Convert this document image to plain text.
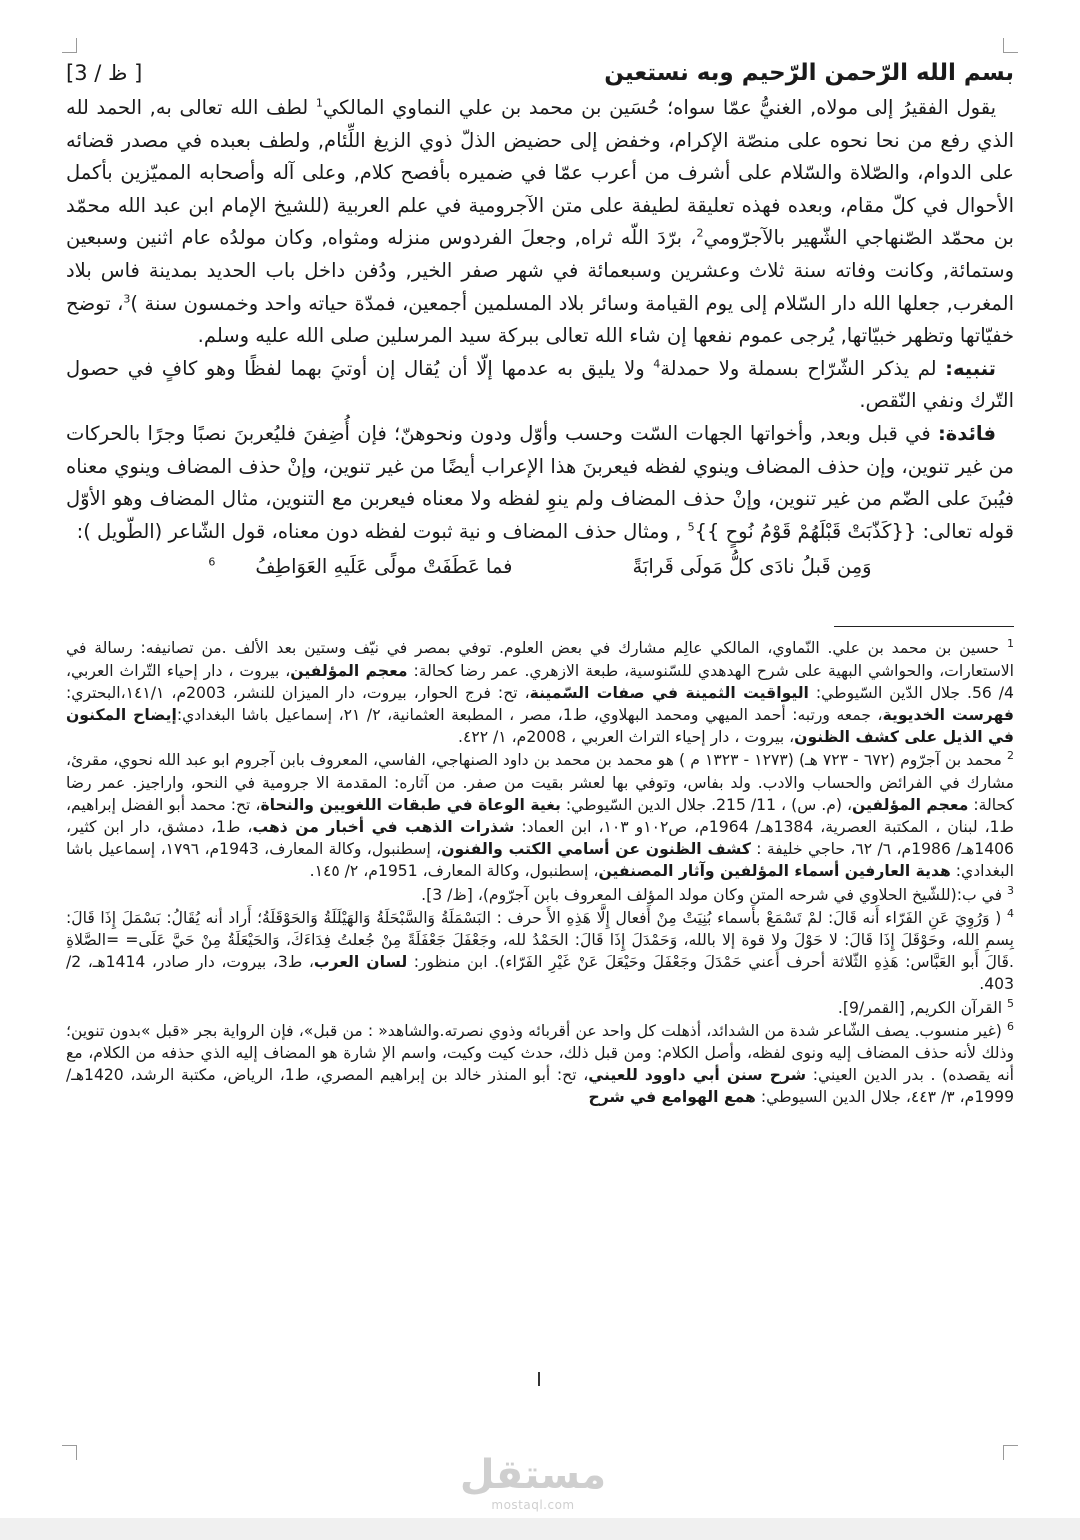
بسم الله الرّحمن الرّحيم وبه نستعين
[ظ / 3 ]

يقول الفقيرُ إلى مولاه, الغنيُّ عمّا سواه؛ حُسَين بن محمد بن علي النماوي المالكي$^1$ لطف الله تعالى به, الحمد لله الذي رفع من نحا نحوه على منصّة الإكرام، وخفض إلى حضيض الذلّ ذوي الزيغ اللِّئام, ولطف بعبده في مصدر قضائه على الدوام، والصّلاة والسّلام على أشرف من أعرب عمّا في ضميره بأفصح كلام, وعلى آله وأصحابه المميّزين بأكمل الأحوال في كلّ مقام، وبعده فهذه تعليقة لطيفة على متن الآجرومية في علم العربية (للشيخ الإمام ابن عبد الله محمّد بن محمّد الصّنهاجي الشّهير بالآجرّومي$^2$، برّدَ اللّه ثراه, وجعلَ الفردوس منزله ومثواه, وكان مولدُه عام اثنين وسبعين وستمائة, وكانت وفاته سنة ثلاث وعشرين وسبعمائة في شهر صفر الخير, ودُفن داخل باب الحديد بمدينة فاس بلاد المغرب, جعلها الله دار السّلام إلى يوم القيامة وسائر بلاد المسلمين أجمعين، فمدّة حياته واحد وخمسون سنة )$^3$، توضح خفيّاتها وتظهر خبيّاتها, يُرجى عموم نفعها إن شاء الله تعالى ببركة سيد المرسلين صلى الله عليه وسلم.

تنبيه: لم يذكر الشّرّاح بسملة ولا حمدلة$^4$ ولا يليق به عدمها إلّا أن يُقال إن أوتيَ بهما لفظًا وهو كافٍ في حصول التّرك ونفي النّقص.

فائدة: في قبل وبعد, وأخواتها الجهات السّت وحسب وأوّل ودون ونحوهنّ؛ فإن أُضِفنَ فليُعربنَ نصبًا وجرًا بالحركات من غير تنوين، وإن حذف المضاف وينوي لفظه فيعربنَ هذا الإعراب أيضًا من غير تنوين، وإنْ حذف المضاف وينوي معناه فيُبنَ على الضّم من غير تنوين، وإنْ حذف المضاف ولم ينوِ لفظه ولا معناه فيعربن مع التنوين، مثال المضاف وهو الأوّل قوله تعالى: {{كَذّبَتْ قَبْلَهُمْ قَوْمُ نُوحٍ }}$^5$ , ومثال حذف المضاف و نية ثبوت لفظه دون معناه، قول الشّاعر (الطّويل ):

وَمِن قَبلُ نادَى كلُّ مَولَى قَرابَةًفما عَطَفَتْ مولًى عَلَيهِ العَوَاطِفُ$^6$

$^1$ حسين بن محمد بن علي. النّماوي، المالكي عالِم مشارك في بعض العلوم. توفي بمصر في نيّف وستين بعد الألف .من تصانيفه: رسالة في الاستعارات، والحواشي البهية على شرح الهدهدي للسّنوسية، طبعة الازهري. عمر رضا كحالة: معجم المؤلفين، بيروت ، دار إحياء التّراث العربي، 4/ 56. جلال الدّين السّيوطي: اليواقيت الثمينة في صفات السّمينة، تح: فرج الحوار، بيروت، دار الميزان للنشر، 2003م، ١٤١/١،البحتري: فهرست الخديوية، جمعه ورتبه: أحمد الميهي ومحمد البهلاوي، ط1، مصر ، المطبعة العثمانية، ٢/ ٢١، إسماعيل باشا البغدادي:إيضاح المكنون في الذيل على كشف الظنون، بيروت ، دار إحياء التراث العربي ، 2008م، ١/ ٤٢٢.

$^2$ محمد بن آجرّوم (٦٧٢ - ٧٢٣ هـ) (١٢٧٣ - ١٣٢٣ م ) هو محمد بن محمد بن داود الصنهاجي، الفاسي، المعروف بابن آجروم ابو عبد الله نحوي، مقرئ، مشارك في الفرائض والحساب والادب. ولد بفاس، وتوفي بها لعشر بقيت من صفر. من آثاره: المقدمة الا جرومية في النحو، واراجيز. عمر رضا كحالة: معجم المؤلفين، (م. س) ، 11/ 215. جلال الدين السّيوطي: بغية الوعاة في طبقات اللغويين والنحاة، تح: محمد أبو الفضل إبراهيم، ط1، لبنان ، المكتبة العصرية، 1384هـ/ 1964م، ص١٠٢و ١٠٣، ابن العماد: شذرات الذهب في أخبار من ذهب، ط1، دمشق، دار ابن كثير، 1406هـ/ 1986م، ٦/ ٦٢، حاجي خليفة : كشف الظنون عن أسامي الكتب والفنون، إسطنبول، وكالة المعارف، 1943م، ١٧٩٦، إسماعيل باشا البغدادي: هدية العارفين أسماء المؤلفين وآثار المصنفين، إسطنبول، وكالة المعارف، 1951م، ٢/ ١٤٥.

$^3$ في ب:(للشّيخ الحلاوي في شرحه المتن وكان مولد المؤلف المعروف بابن آجرّوم)، [ظ/ 3].

$^4$ ( وَرُوِيَ عَنِ الفَرّاء أَنه قَالَ: لمْ تَسْمَعْ بأَسماء بُنِيَتْ مِنْ أَفعال إِلَّا هَذِهِ الأَ حرف : البَسْمَلَةُ وَالسَّبْحَلَةُ وَالهَيْلَلَةُ وَالحَوْقَلَةُ؛ أَراد أنه يُقَالُ: بَسْمَلَ إِذَا قَالَ: بِسمِ الله، وحَوْقَلَ إِذَا قَالَ: لا حَوْلَ ولا قوة إلا بالله، وَحَمْدَلَ إِذَا قَالَ: الحَمْدُ لله، وجَعْفَلَ جَعْفَلَةً مِنْ جُعلتُ فِدَاءَكَ، وَالحَيْعَلَةُ مِنْ حَيَّ عَلَى= =الصَّلاةِ .قَالَ أَبو العَبَّاس: هَذِهِ الثّلاثة أحرف أَعني حَمْدَلَ وجَعْفَلَ وحَيْعَلَ عَنْ غَيْرِ الفَرّاء). ابن منظور: لسان العرب، ط3، بيروت، دار صادر، 1414هـ، 2/ 403.

$^5$ القرآن الكريم, [القمر/9].

$^6$ (غير منسوب. يصف الشّاعر شدة من الشدائد، أذهلت كل واحد عن أقربائه وذوي نصرته.والشاهد« : من قبل»، فإن الرواية بجر «قبل »بدون تنوين؛ وذلك لأنه حذف المضاف إليه ونوى لفظه، وأصل الكلام: ومن قبل ذلك، حدث كيت وكيت، واسم الإ شارة هو المضاف إليه الذي حذفه من الكلام، مع أنه يقصده) . بدر الدين العيني: شرح سنن أبي داوود للعيني، تح: أبو المنذر خالد بن إبراهيم المصري، ط1، الرياض، مكتبة الرشد، 1420هـ/ 1999م، ٣/ ٤٤٣، جلال الدين السيوطي: همع الهوامع في شرح

مستقل
mostaql.com
